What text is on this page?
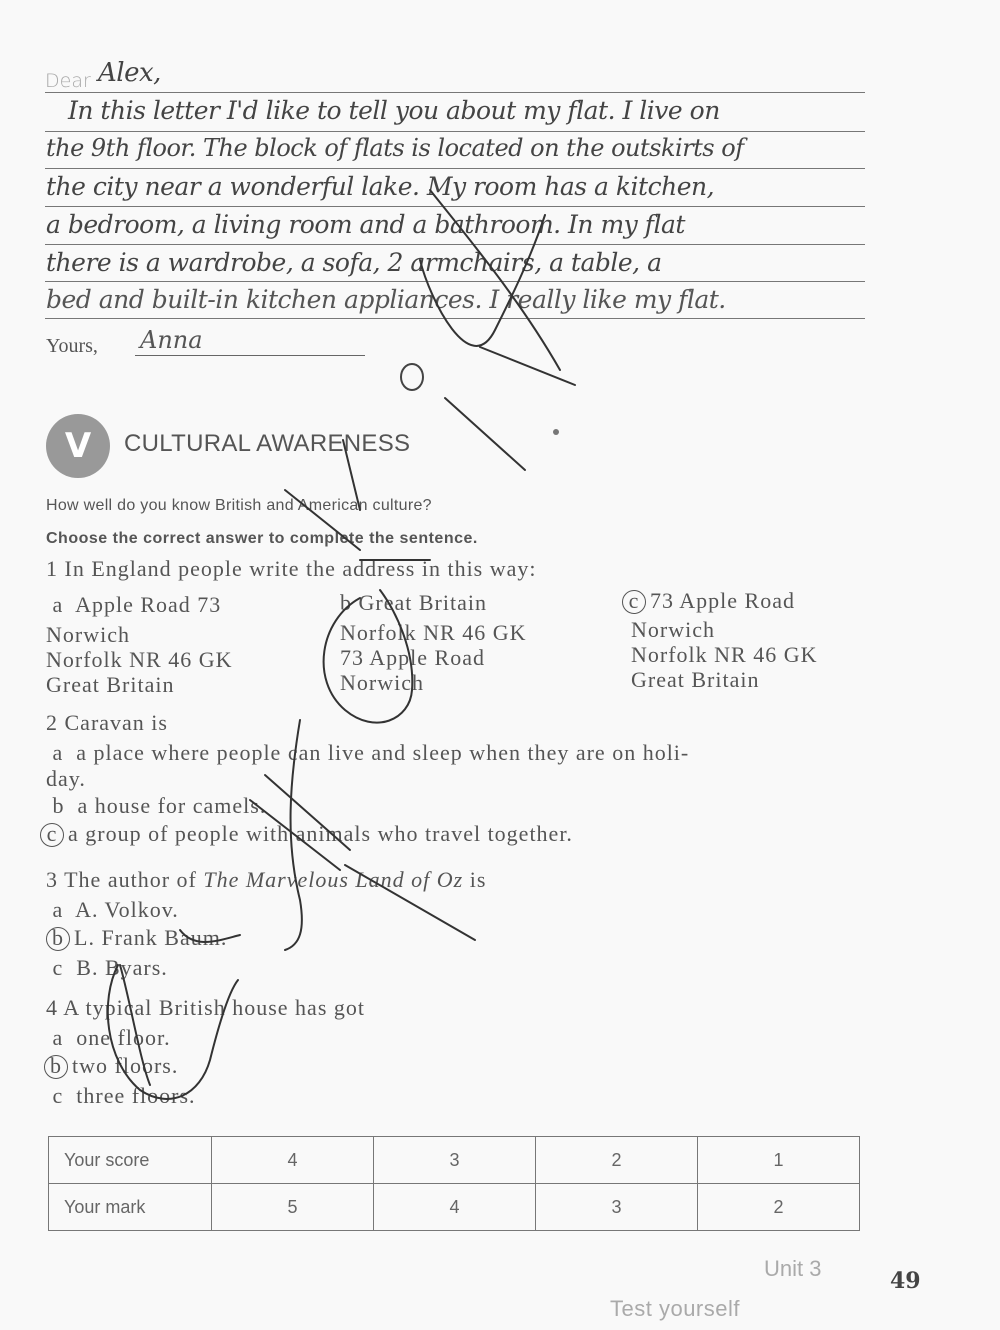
Dear Alex,
In this letter I'd like to tell you about my flat. I live on
the 9th floor. The block of flats is located on the outskirts of
the city near a wonderful lake. My room has a kitchen,
a bedroom, a living room and a bathroom. In my flat
there is a wardrobe, a sofa, 2 armchairs, a table, a
bed and built-in kitchen appliances. I really like my flat.
Yours, Anna
V	CULTURAL AWARENESS
How well do you know British and American culture?
Choose the correct answer to complete the sentence.
1 In England people write the address in this way:
a Apple Road 73
Norwich
Norfolk NR 46 GK
Great Britain
b Great Britain
Norfolk NR 46 GK
73 Apple Road
Norwich
c 73 Apple Road
Norwich
Norfolk NR 46 GK
Great Britain
2 Caravan is
a a place where people can live and sleep when they are on holi-
day.
b a house for camels.
c a group of people with animals who travel together.
3 The author of The Marvelous Land of Oz is
a A. Volkov.
b L. Frank Baum.
c B. Byars.
4 A typical British house has got
a one floor.
b two floors.
c three floors.
Your score	4	3	2	1
Your mark	5	4	3	2
Unit 3	49
Test yourself
